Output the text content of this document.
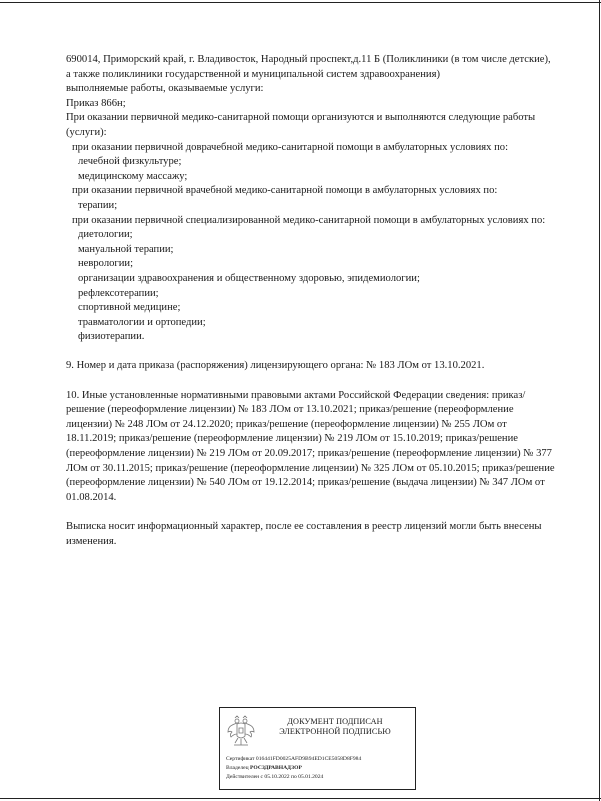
690014, Приморский край, г. Владивосток, Народный проспект,д.11 Б (Поликлиники (в том числе детские), а также поликлиники государственной и муниципальной систем здравоохранения)

выполняемые работы, оказываемые услуги:

Приказ 866н;

При оказании первичной медико-санитарной помощи организуются и выполняются следующие работы (услуги):

при оказании первичной доврачебной медико-санитарной помощи в амбулаторных условиях по:

лечебной физкультуре;

медицинскому массажу;

при оказании первичной врачебной медико-санитарной помощи в амбулаторных условиях по:

терапии;

при оказании первичной специализированной медико-санитарной помощи в амбулаторных условиях по:

диетологии;

мануальной терапии;

неврологии;

организации здравоохранения и общественному здоровью, эпидемиологии;

рефлексотерапии;

спортивной медицине;

травматологии и ортопедии;

физиотерапии.

9. Номер и дата приказа (распоряжения) лицензирующего органа: № 183 ЛОм от 13.10.2021.

10. Иные установленные нормативными правовыми актами Российской Федерации сведения: приказ/решение (переоформление лицензии) № 183 ЛОм от 13.10.2021; приказ/решение (переоформление лицензии) № 248 ЛОм от 24.12.2020; приказ/решение (переоформление лицензии) № 255 ЛОм от 18.11.2019; приказ/решение (переоформление лицензии) № 219 ЛОм от 15.10.2019; приказ/решение (переоформление лицензии) № 219 ЛОм от 20.09.2017; приказ/решение (переоформление лицензии) № 377 ЛОм от 30.11.2015; приказ/решение (переоформление лицензии) № 325 ЛОм от 05.10.2015; приказ/решение (переоформление лицензии) № 540 ЛОм от 19.12.2014; приказ/решение (выдача лицензии) № 347 ЛОм от 01.08.2014.

Выписка носит информационный характер, после ее составления в реестр лицензий могли быть внесены изменения.

ДОКУМЕНТ ПОДПИСАН
ЭЛЕКТРОННОЙ ПОДПИСЬЮ
Сертификат 016441FD0025AFD9B94ED1CE5058D8F984
Владелец РОСЗДРАВНАДЗОР
Действителен с 05.10.2022 по 05.01.2024
